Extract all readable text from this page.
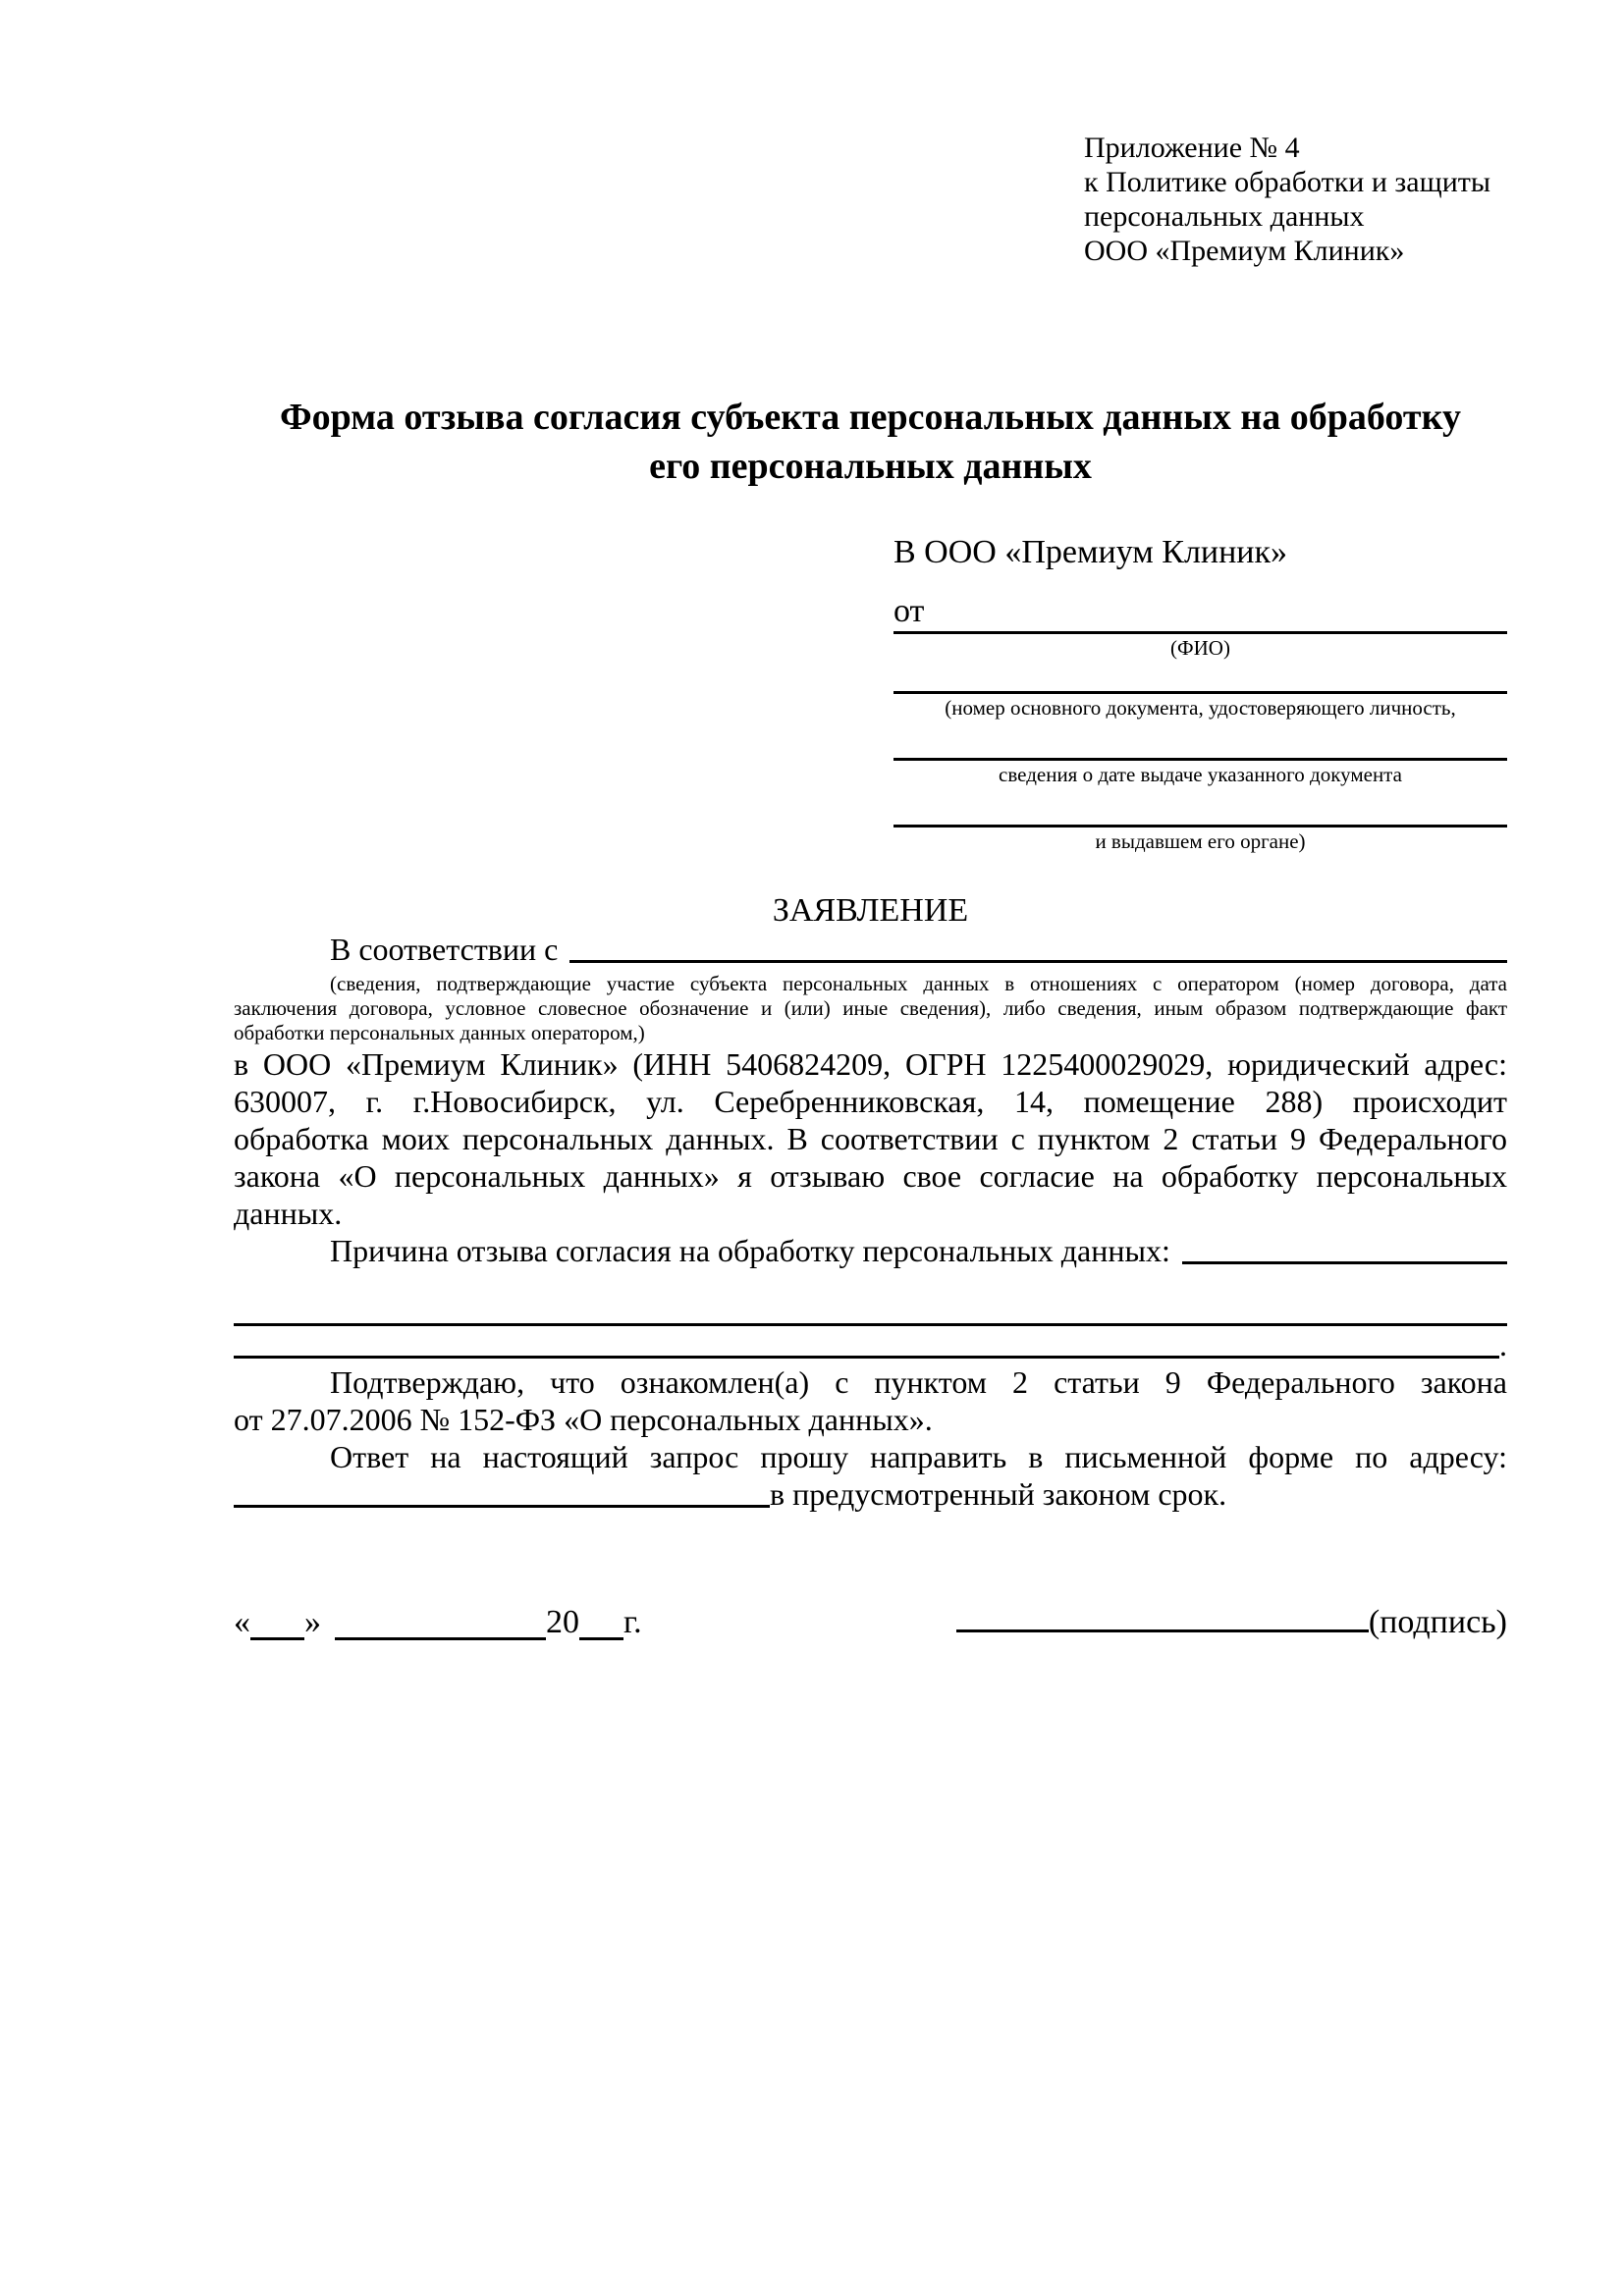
Приложение № 4
к Политике обработки и защиты
персональных данных
ООО «Премиум Клиник»
Форма отзыва согласия субъекта персональных данных на обработку
его персональных данных
В ООО «Премиум Клиник»
от
(ФИО)
(номер основного документа, удостоверяющего личность,
сведения о дате выдаче указанного документа
и выдавшем его органе)
ЗАЯВЛЕНИЕ
В соответствии с
(сведения, подтверждающие участие субъекта персональных данных в отношениях с оператором (номер договора, дата
заключения договора, условное словесное обозначение и (или) иные сведения), либо сведения, иным образом подтверждающие факт
обработки персональных данных оператором,)
в ООО «Премиум Клиник» (ИНН 5406824209, ОГРН 1225400029029, юридический адрес:
630007, г. г.Новосибирск, ул. Серебренниковская, 14, помещение 288) происходит
обработка моих персональных данных. В соответствии с пунктом 2 статьи 9 Федерального
закона «О персональных данных» я отзываю свое согласие на обработку персональных
данных.
Причина отзыва согласия на обработку персональных данных:
.
Подтверждаю, что ознакомлен(а) с пунктом 2 статьи 9 Федерального закона
от 27.07.2006 № 152-ФЗ «О персональных данных».
Ответ на настоящий запрос прошу направить в письменной форме по адресу:
в предусмотренный законом срок.
« »	20 г.	(подпись)
